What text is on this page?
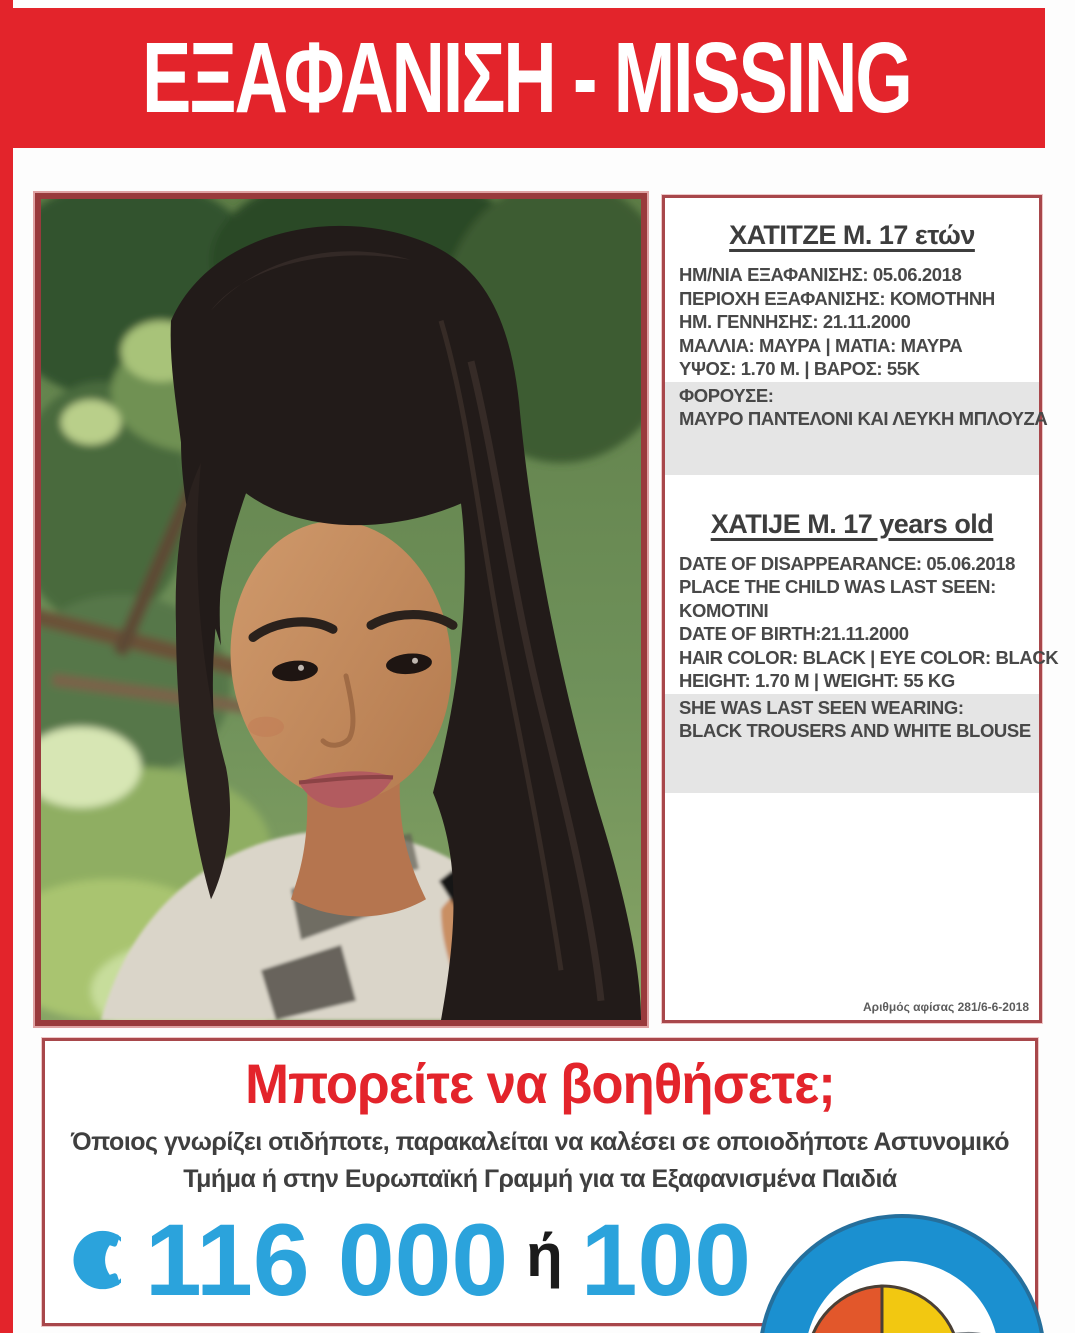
ΕΞΑΦΑΝΙΣΗ - MISSING
ΧΑΤΙΤΖΕ Μ. 17 ετών
ΗΜ/ΝΙΑ ΕΞΑΦΑΝΙΣΗΣ: 05.06.2018
ΠΕΡΙΟΧΗ ΕΞΑΦΑΝΙΣΗΣ: ΚΟΜΟΤΗΝΗ
ΗΜ. ΓΕΝΝΗΣΗΣ: 21.11.2000
ΜΑΛΛΙΑ: ΜΑΥΡΑ | ΜΑΤΙΑ: ΜΑΥΡΑ
ΥΨΟΣ: 1.70 Μ. | ΒΑΡΟΣ: 55Κ
ΦΟΡΟΥΣΕ:
ΜΑΥΡΟ ΠΑΝΤΕΛΟΝΙ ΚΑΙ ΛΕΥΚΗ ΜΠΛΟΥΖΑ
XATIJE M. 17 years old
DATE OF DISAPPEARANCE: 05.06.2018
PLACE THE CHILD WAS LAST SEEN:
KOMOTINI
DATE OF BIRTH:21.11.2000
HAIR COLOR: BLACK | EYE COLOR: BLACK
HEIGHT: 1.70 M | WEIGHT: 55 KG
SHE WAS LAST SEEN WEARING:
BLACK TROUSERS AND WHITE BLOUSE
Αριθμός αφίσας 281/6-6-2018
Μπορείτε να βοηθήσετε;
Όποιος γνωρίζει οτιδήποτε, παρακαλείται να καλέσει σε οποιοδήποτε Αστυνομικό
Τμήμα ή στην Ευρωπαϊκή Γραμμή για τα Εξαφανισμένα Παιδιά
116 000 ή 100
